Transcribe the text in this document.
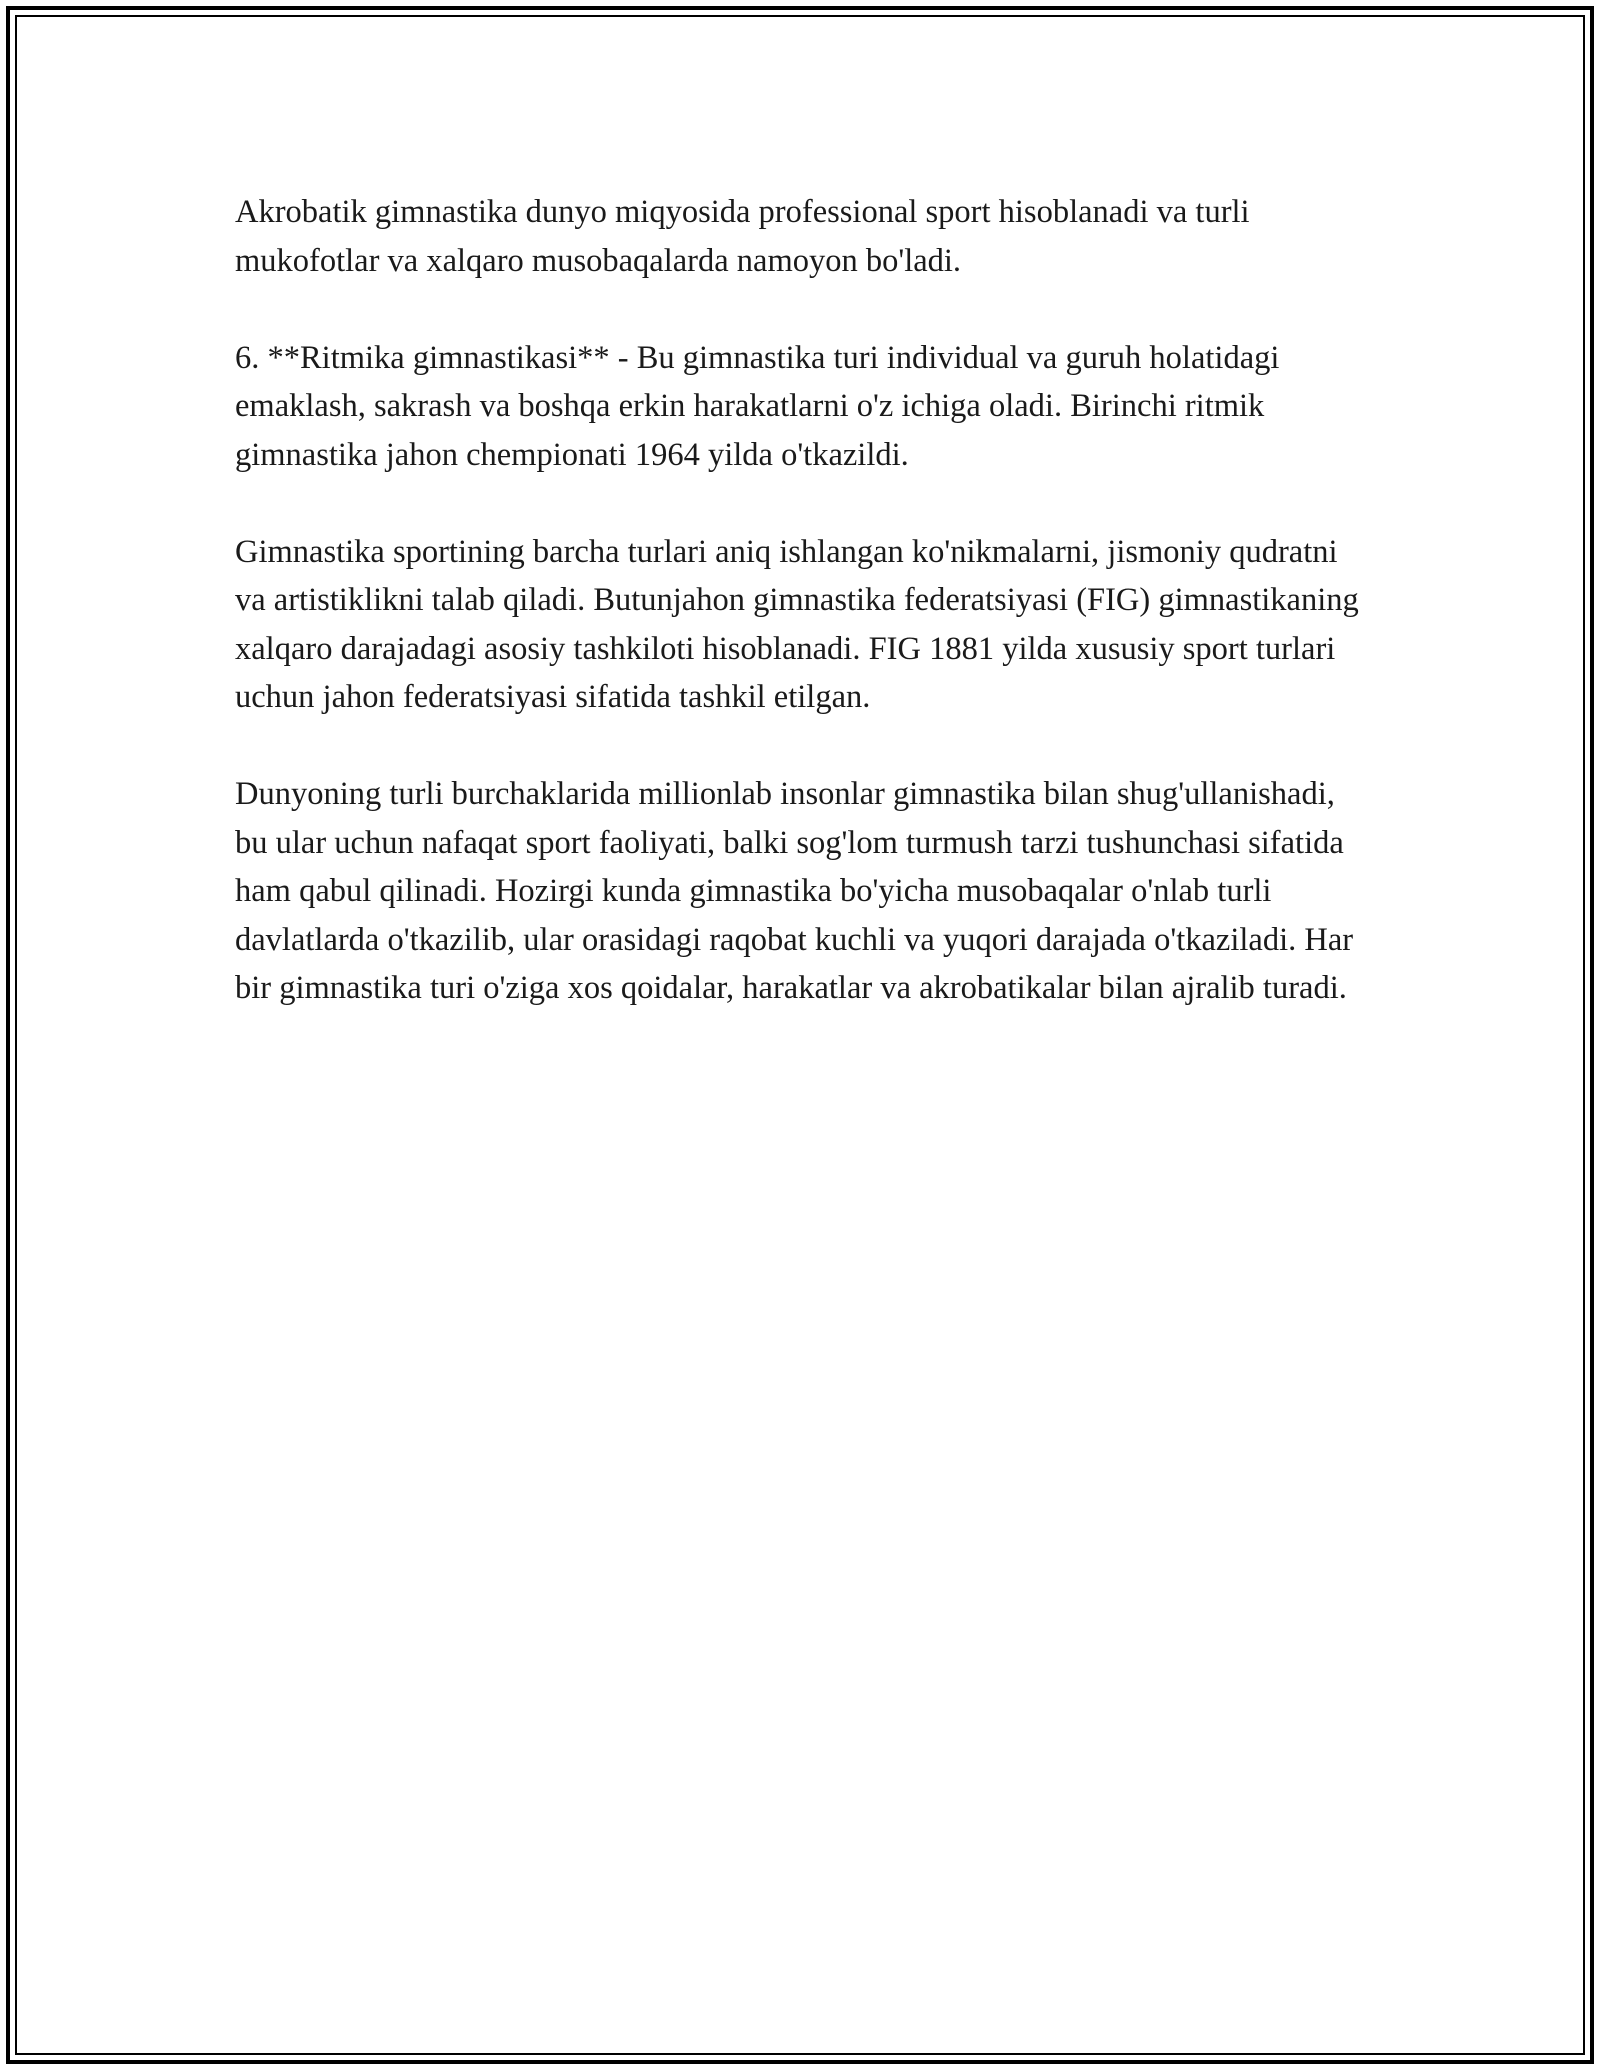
Akrobatik gimnastika dunyo miqyosida professional sport hisoblanadi va turli mukofotlar va xalqaro musobaqalarda namoyon bo'ladi.

6. **Ritmika gimnastikasi** - Bu gimnastika turi individual va guruh holatidagi emaklash, sakrash va boshqa erkin harakatlarni o'z ichiga oladi. Birinchi ritmik gimnastika jahon chempionati 1964 yilda o'tkazildi.

Gimnastika sportining barcha turlari aniq ishlangan ko'nikmalarni, jismoniy qudratni va artistiklikni talab qiladi. Butunjahon gimnastika federatsiyasi (FIG) gimnastikaning xalqaro darajadagi asosiy tashkiloti hisoblanadi. FIG 1881 yilda xususiy sport turlari uchun jahon federatsiyasi sifatida tashkil etilgan.

Dunyoning turli burchaklarida millionlab insonlar gimnastika bilan shug'ullanishadi, bu ular uchun nafaqat sport faoliyati, balki sog'lom turmush tarzi tushunchasi sifatida ham qabul qilinadi. Hozirgi kunda gimnastika bo'yicha musobaqalar o'nlab turli davlatlarda o'tkazilib, ular orasidagi raqobat kuchli va yuqori darajada o'tkaziladi. Har bir gimnastika turi o'ziga xos qoidalar, harakatlar va akrobatikalar bilan ajralib turadi.
